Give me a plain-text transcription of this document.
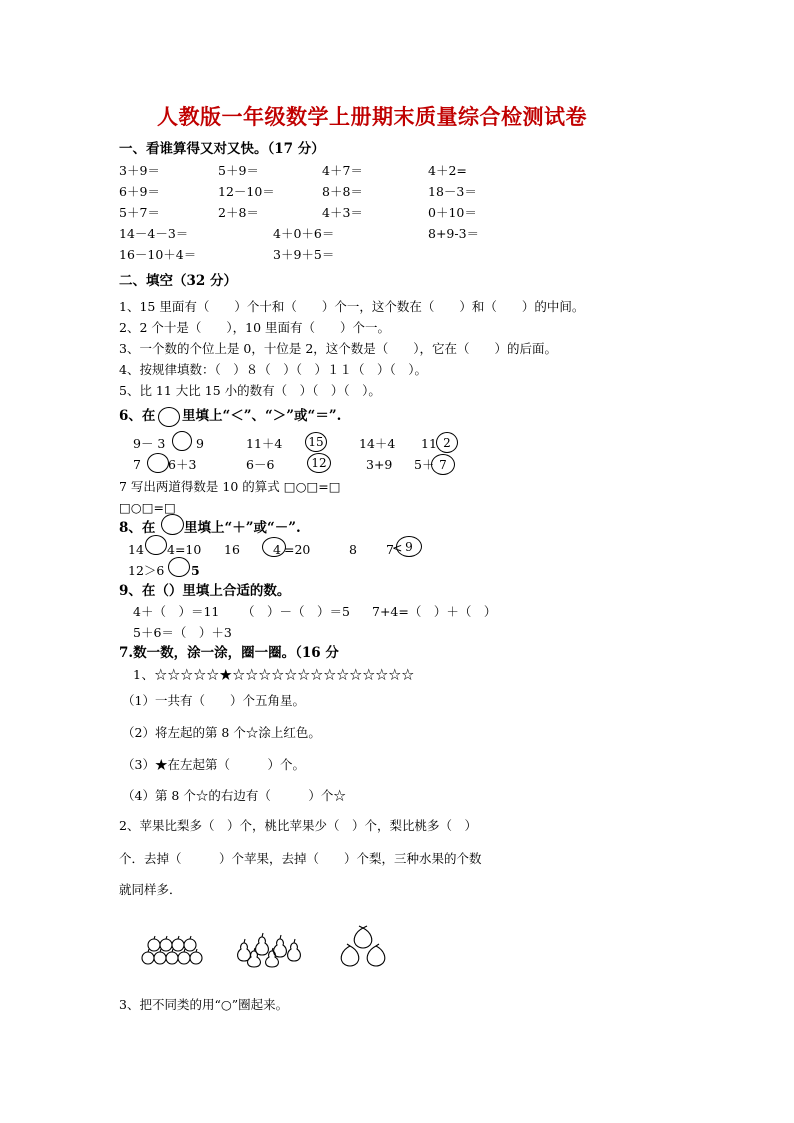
人教版一年级数学上册期末质量综合检测试卷
一、看谁算得又对又快。（17 分）
3＋9＝	5＋9＝	4＋7＝	4＋2=
6＋9＝	12－10＝	8＋8＝	18－3＝
5＋7＝	2＋8＝	4＋3＝	0＋10＝
14－4－3＝	4＋0＋6＝	8+9-3＝
16－10＋4＝	3＋9＋5＝
二、填空（32 分）
1、15 里面有（　　）个十和（　　）个一，这个数在（　　）和（　　）的中间。
2、2 个十是（　　），10 里面有（　　）个一。
3、一个数的个位上是 0，十位是 2，这个数是（　　），它在（　　）的后面。
4、按规律填数：（　）８（　）（　）１１（　）（　）。
5、比 11 大比 15 小的数有（　）（　）（　）。
6、在 里填上“＜”、“＞”或“＝”.
9－ 3 9	11＋4 15	14＋4 11 2
7 6＋3	6－6	12	3+9 5＋ 7
7 写出两道得数是 10 的算式 □○□=□
□○□=□
8、在 里填上“＋”或“－”.
14 4=10 16	4 =20	8 7 9
<
12＞6 5
9、在（）里填上合适的数。
4＋（　）＝11 （　）－（　）＝5 7+4=（　）＋（　）
5＋6＝（　）＋3
7.数一数，涂一涂，圈一圈。（16 分
1、☆☆☆☆☆★☆☆☆☆☆☆☆☆☆☆☆☆☆☆
（1）一共有（　　）个五角星。
（2）将左起的第 8 个☆涂上红色。
（3）★在左起第（　　　）个。
（4）第 8 个☆的右边有（　　　）个☆
2、苹果比梨多（　）个，桃比苹果少（　）个，梨比桃多（　）
个．去掉（　　　）个苹果，去掉（　　）个梨，三种水果的个数
就同样多．
3、把不同类的用“○”圈起来。
